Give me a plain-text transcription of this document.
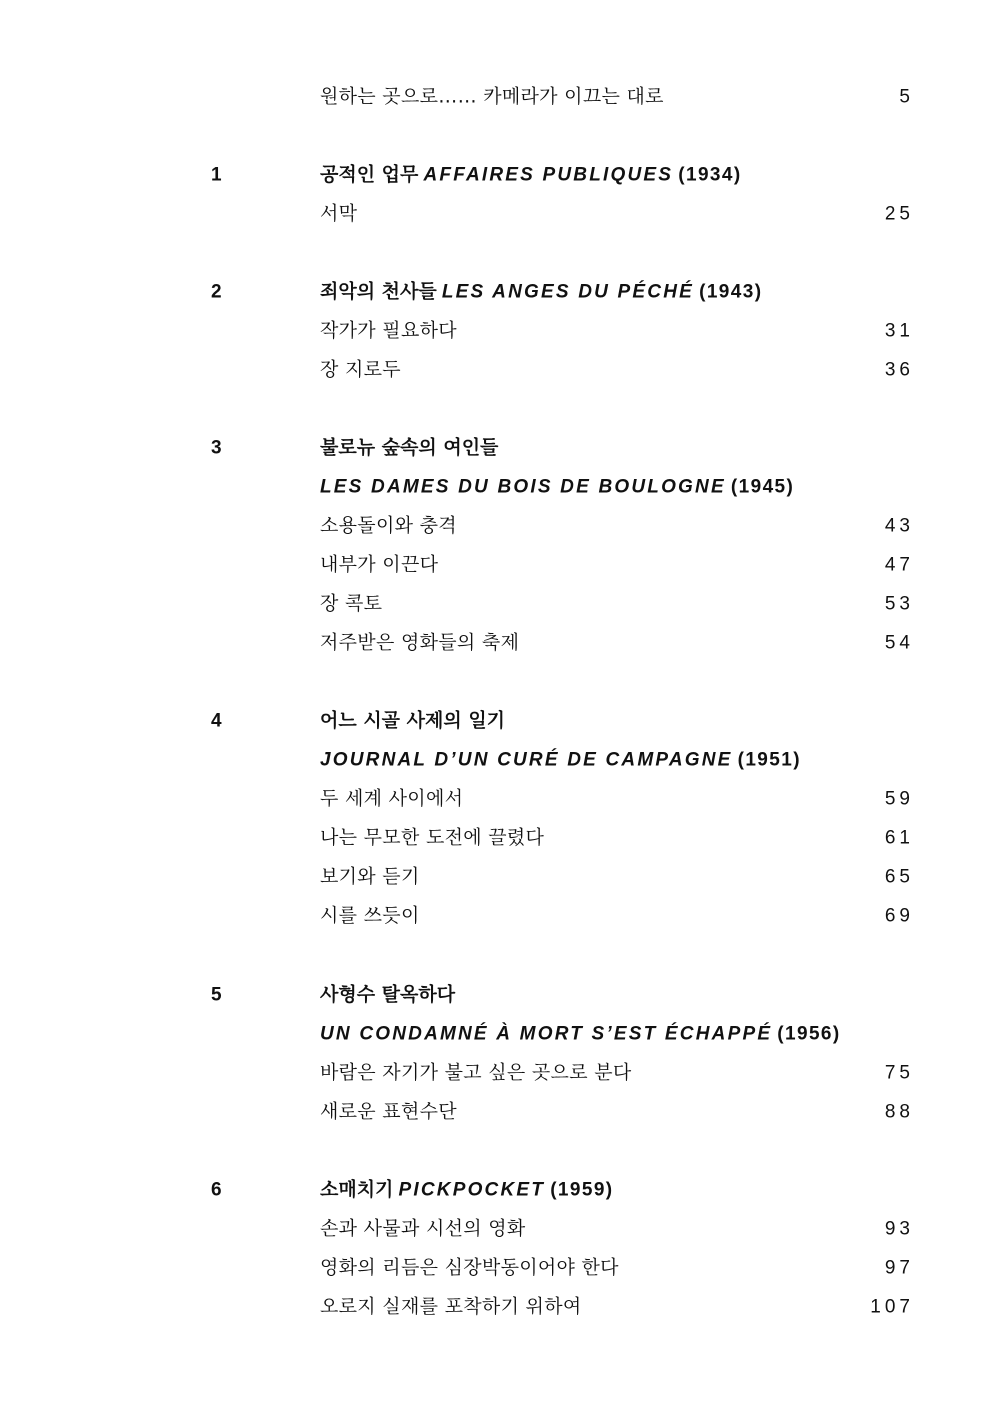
원하는 곳으로…… 카메라가 이끄는 대로	5
1	공적인 업무 AFFAIRES PUBLIQUES (1934)
서막	25
2	죄악의 천사들 LES ANGES DU PÉCHÉ (1943)
작가가 필요하다	31
장 지로두	36
3	불로뉴 숲속의 여인들
LES DAMES DU BOIS DE BOULOGNE (1945)
소용돌이와 충격	43
내부가 이끈다	47
장 콕토	53
저주받은 영화들의 축제	54
4	어느 시골 사제의 일기
JOURNAL D’UN CURÉ DE CAMPAGNE (1951)
두 세계 사이에서	59
나는 무모한 도전에 끌렸다	61
보기와 듣기	65
시를 쓰듯이	69
5	사형수 탈옥하다
UN CONDAMNÉ À MORT S’EST ÉCHAPPÉ (1956)
바람은 자기가 불고 싶은 곳으로 분다	75
새로운 표현수단	88
6	소매치기 PICKPOCKET (1959)
손과 사물과 시선의 영화	93
영화의 리듬은 심장박동이어야 한다	97
오로지 실재를 포착하기 위하여	107
